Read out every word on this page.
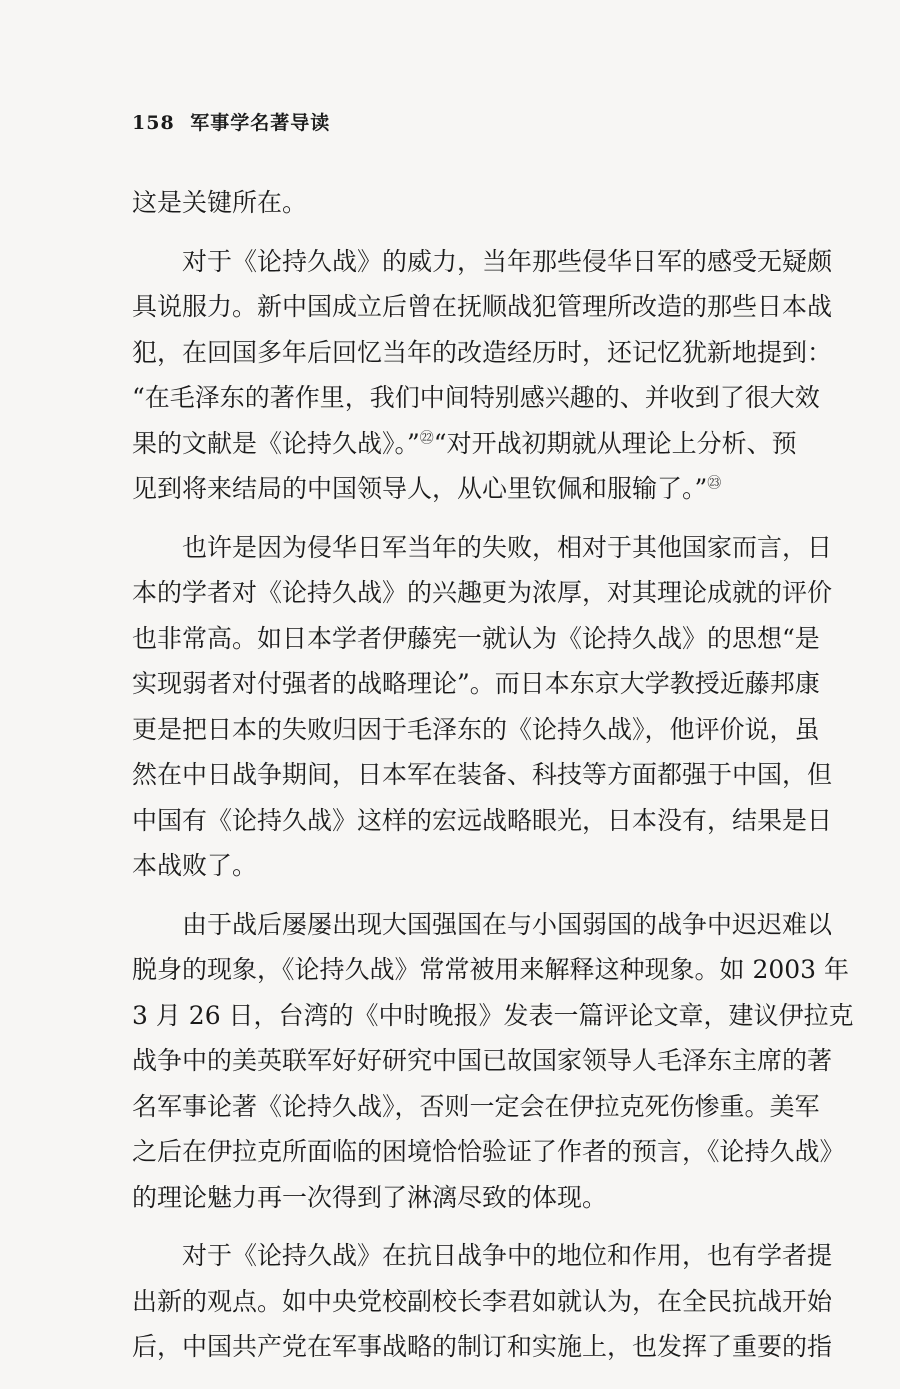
158 军事学名著导读
这是关键所在。
对于《论持久战》的威力，当年那些侵华日军的感受无疑颇
具说服力。新中国成立后曾在抚顺战犯管理所改造的那些日本战
犯，在回国多年后回忆当年的改造经历时，还记忆犹新地提到：
“在毛泽东的著作里，我们中间特别感兴趣的、并收到了很大效
果的文献是《论持久战》。”$^㉒$“对开战初期就从理论上分析、预
见到将来结局的中国领导人，从心里钦佩和服输了。”$^㉓$
也许是因为侵华日军当年的失败，相对于其他国家而言，日
本的学者对《论持久战》的兴趣更为浓厚，对其理论成就的评价
也非常高。如日本学者伊藤宪一就认为《论持久战》的思想“是
实现弱者对付强者的战略理论”。而日本东京大学教授近藤邦康
更是把日本的失败归因于毛泽东的《论持久战》，他评价说，虽
然在中日战争期间，日本军在装备、科技等方面都强于中国，但
中国有《论持久战》这样的宏远战略眼光，日本没有，结果是日
本战败了。
由于战后屡屡出现大国强国在与小国弱国的战争中迟迟难以
脱身的现象，《论持久战》常常被用来解释这种现象。如 2003 年
3 月 26 日，台湾的《中时晚报》发表一篇评论文章，建议伊拉克
战争中的美英联军好好研究中国已故国家领导人毛泽东主席的著
名军事论著《论持久战》，否则一定会在伊拉克死伤惨重。美军
之后在伊拉克所面临的困境恰恰验证了作者的预言，《论持久战》
的理论魅力再一次得到了淋漓尽致的体现。
对于《论持久战》在抗日战争中的地位和作用，也有学者提
出新的观点。如中央党校副校长李君如就认为，在全民抗战开始
后，中国共产党在军事战略的制订和实施上，也发挥了重要的指
